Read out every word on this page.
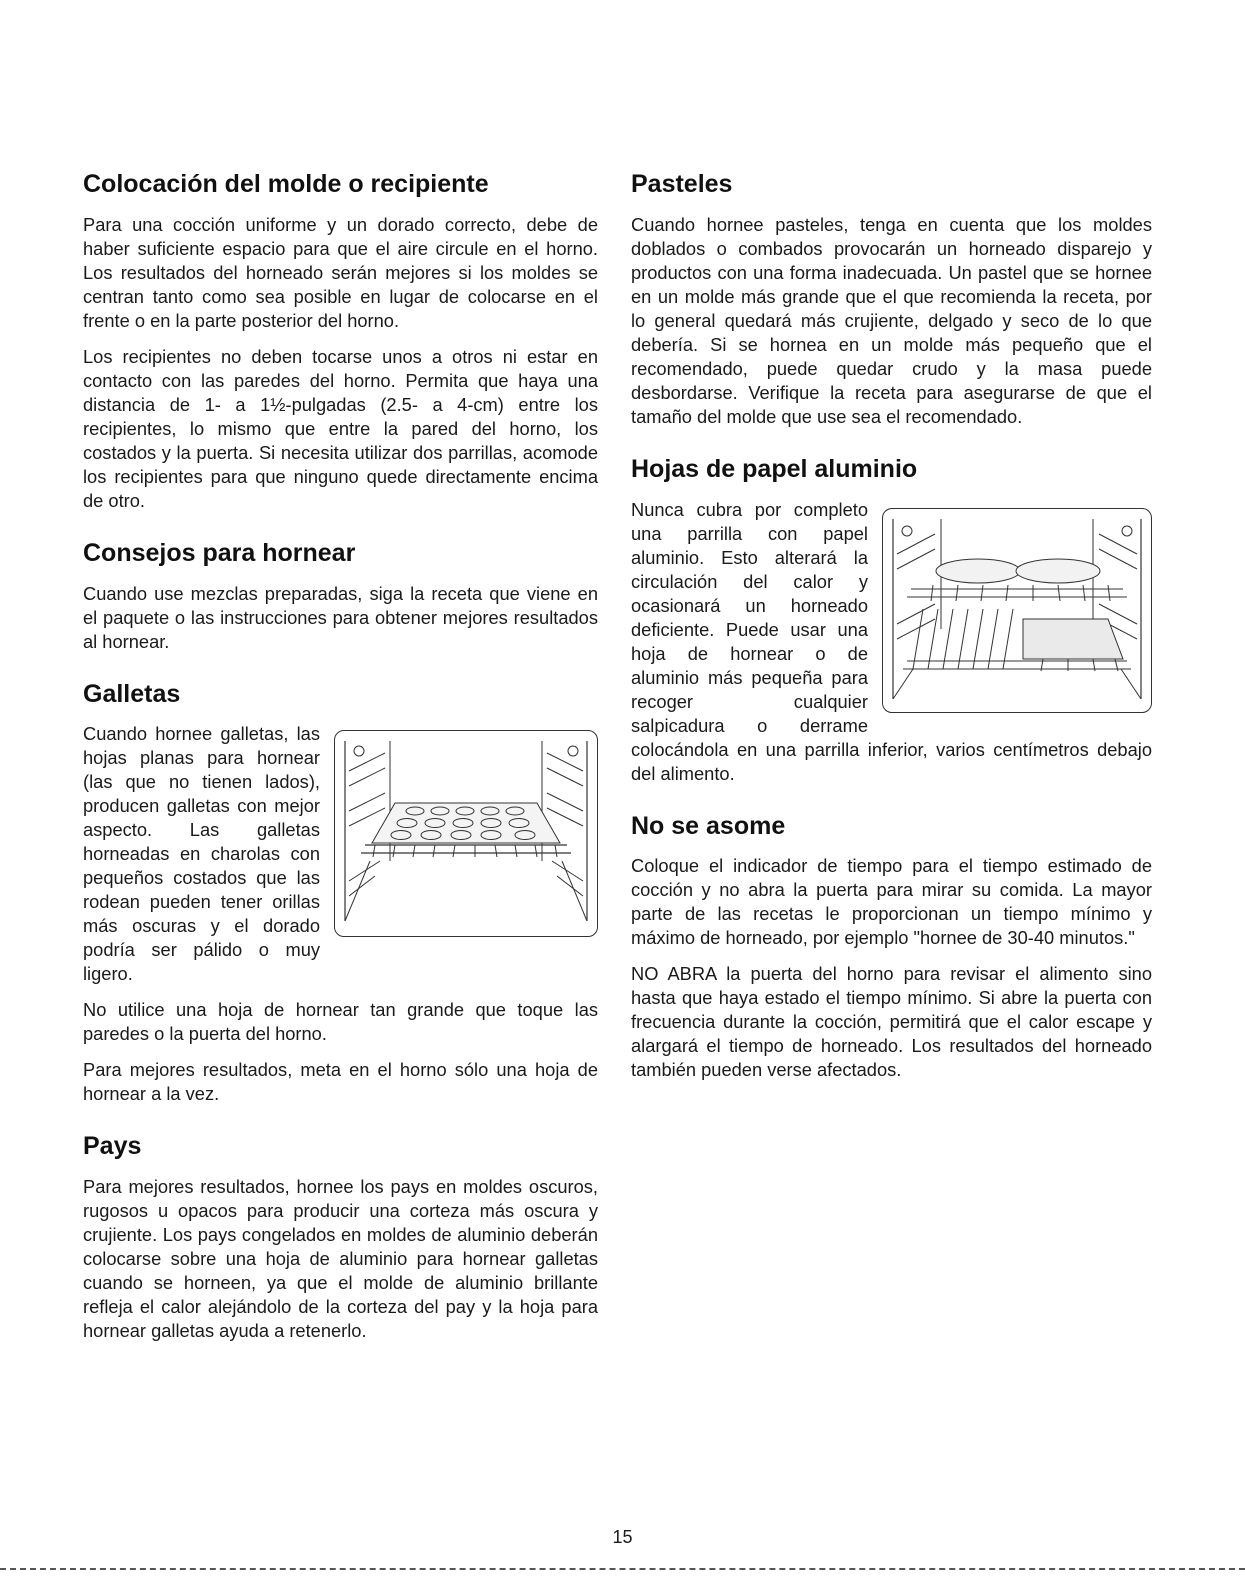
Colocación del molde o recipiente

Para una cocción uniforme y un dorado correcto, debe de haber suficiente espacio para que el aire circule en el horno. Los resultados del horneado serán mejores si los moldes se centran tanto como sea posible en lugar de colocarse en el frente o en la parte posterior del horno.

Los recipientes no deben tocarse unos a otros ni estar en contacto con las paredes del horno. Permita que haya una distancia de 1- a 1½-pulgadas (2.5- a 4-cm) entre los recipientes, lo mismo que entre la pared del horno, los costados y la puerta. Si necesita utilizar dos parrillas, acomode los recipientes para que ninguno quede directamente encima de otro.

Consejos para hornear

Cuando use mezclas preparadas, siga la receta que viene en el paquete o las instrucciones para obtener mejores resultados al hornear.

Galletas

Cuando hornee galletas, las hojas planas para hornear (las que no tienen lados), producen galletas con mejor aspecto. Las galletas horneadas en charolas con pequeños costados que las rodean pueden tener orillas más oscuras y el dorado podría ser pálido o muy ligero.

No utilice una hoja de hornear tan grande que toque las paredes o la puerta del horno.

Para mejores resultados, meta en el horno sólo una hoja de hornear a la vez.

Pays

Para mejores resultados, hornee los pays en moldes oscuros, rugosos u opacos para producir una corteza más oscura y crujiente. Los pays congelados en moldes de aluminio deberán colocarse sobre una hoja de aluminio para hornear galletas cuando se horneen, ya que el molde de aluminio brillante refleja el calor alejándolo de la corteza del pay y la hoja para hornear galletas ayuda a retenerlo.

Pasteles

Cuando hornee pasteles, tenga en cuenta que los moldes doblados o combados provocarán un horneado disparejo y productos con una forma inadecuada. Un pastel que se hornee en un molde más grande que el que recomienda la receta, por lo general quedará más crujiente, delgado y seco de lo que debería. Si se hornea en un molde más pequeño que el recomendado, puede quedar crudo y la masa puede desbordarse. Verifique la receta para asegurarse de que el tamaño del molde que use sea el recomendado.

Hojas de papel aluminio

Nunca cubra por completo una parrilla con papel aluminio. Esto alterará la circulación del calor y ocasionará un horneado deficiente. Puede usar una hoja de hornear o de aluminio más pequeña para recoger cualquier salpicadura o derrame colocándola en una parrilla inferior, varios centímetros debajo del alimento.

No se asome

Coloque el indicador de tiempo para el tiempo estimado de cocción y no abra la puerta para mirar su comida. La mayor parte de las recetas le proporcionan un tiempo mínimo y máximo de horneado, por ejemplo "hornee de 30-40 minutos."

NO ABRA la puerta del horno para revisar el alimento sino hasta que haya estado el tiempo mínimo. Si abre la puerta con frecuencia durante la cocción, permitirá que el calor escape y alargará el tiempo de horneado. Los resultados del horneado también pueden verse afectados.

15
